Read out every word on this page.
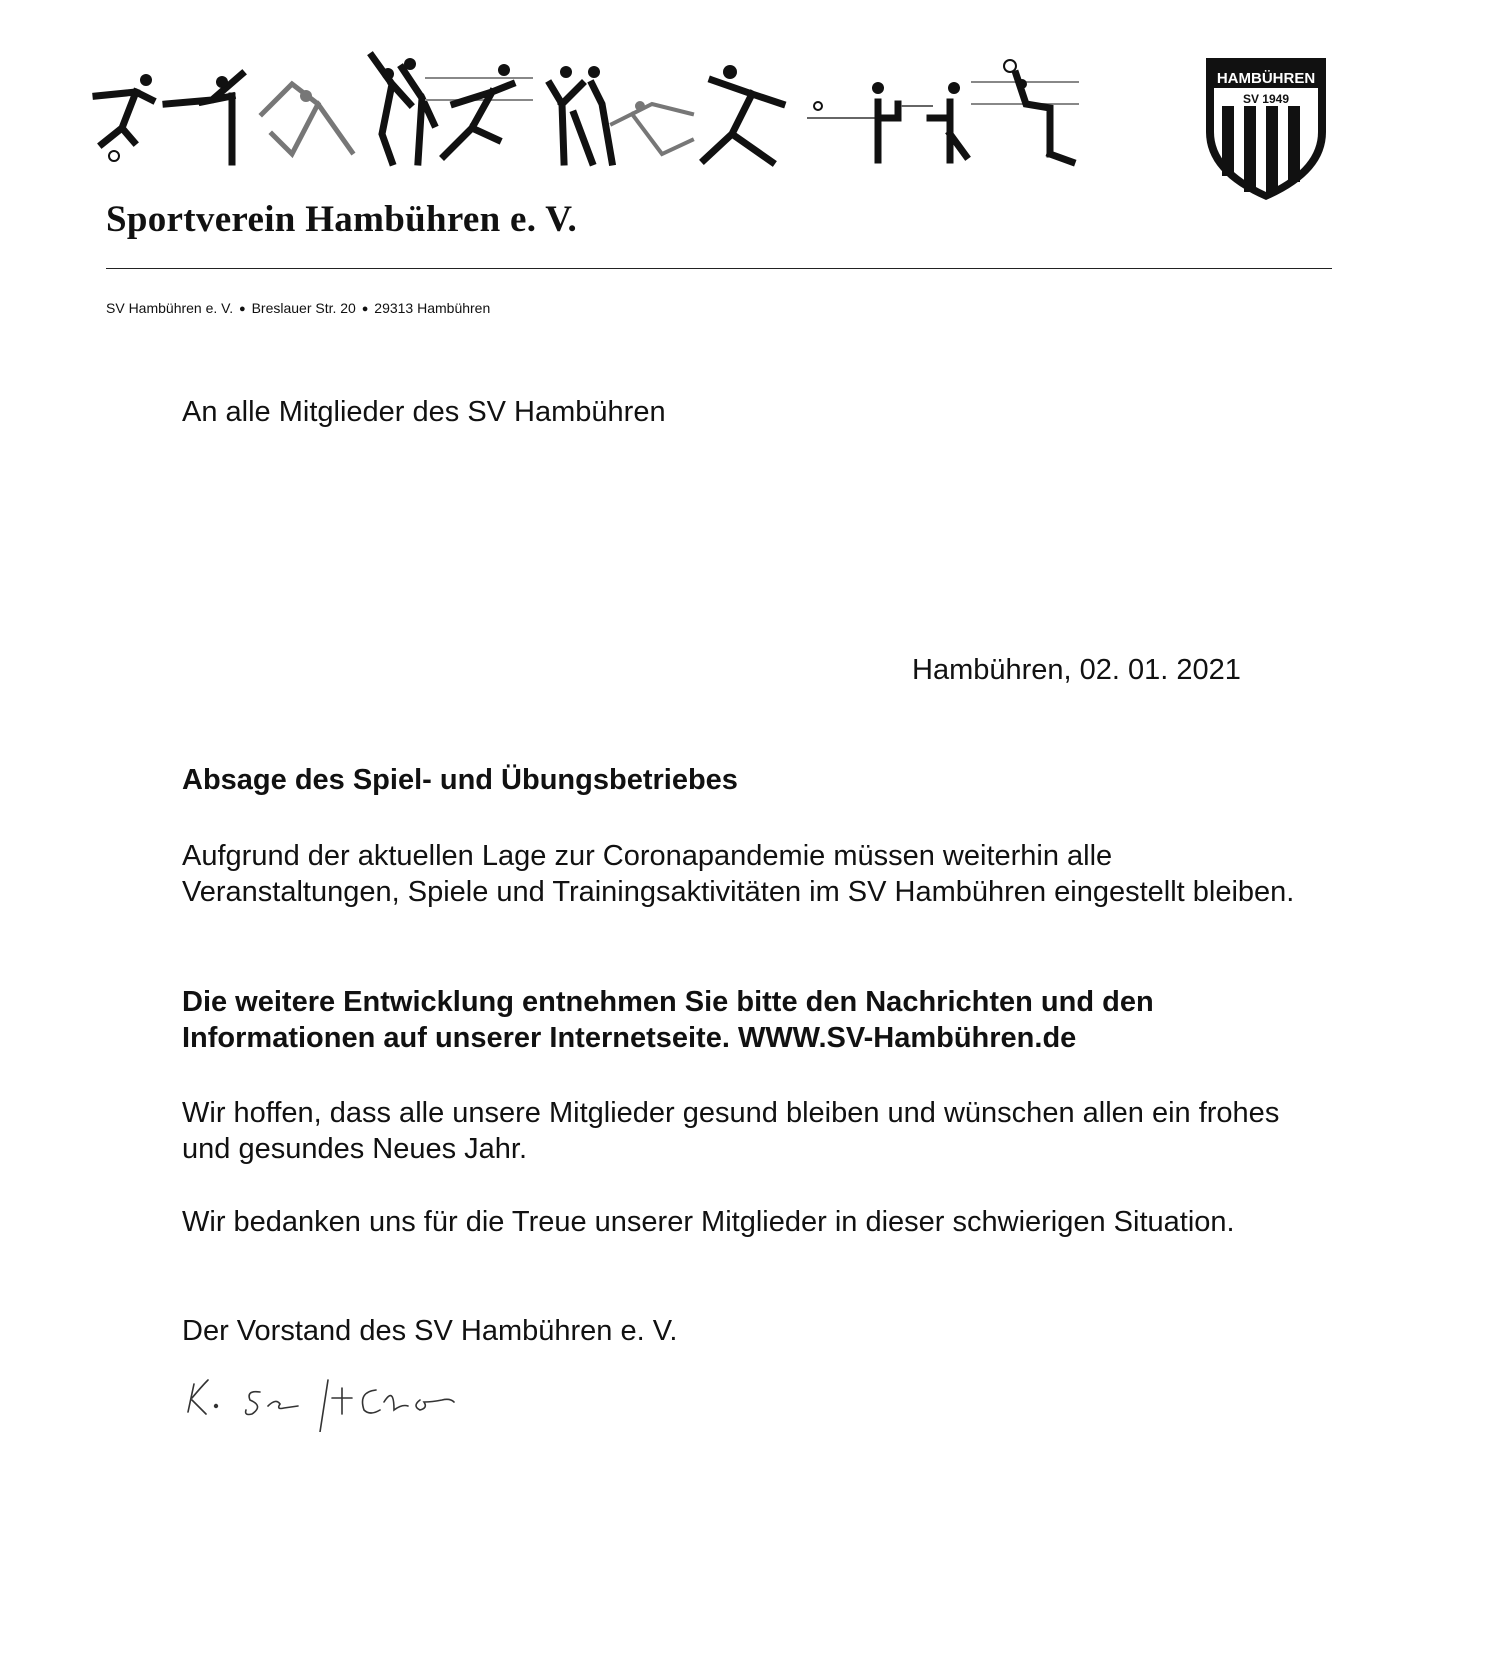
HAMBÜHREN
SV 1949
Sportverein Hambühren e. V.
SV Hambühren e. V. ● Breslauer Str. 20 ● 29313 Hambühren
An alle Mitglieder des SV Hambühren
Hambühren, 02. 01. 2021
Absage des Spiel- und Übungsbetriebes

Aufgrund der aktuellen Lage zur Coronapandemie müssen weiterhin alle Veranstaltungen, Spiele und Trainingsaktivitäten im SV Hambühren eingestellt bleiben.

Die weitere Entwicklung entnehmen Sie bitte den Nachrichten und den Informationen auf unserer Internetseite. WWW.SV-Hambühren.de

Wir hoffen, dass alle unsere Mitglieder gesund bleiben und wünschen allen ein frohes und gesundes Neues Jahr.

Wir bedanken uns für die Treue unserer Mitglieder in dieser schwierigen Situation.

Der Vorstand des SV Hambühren e. V.
